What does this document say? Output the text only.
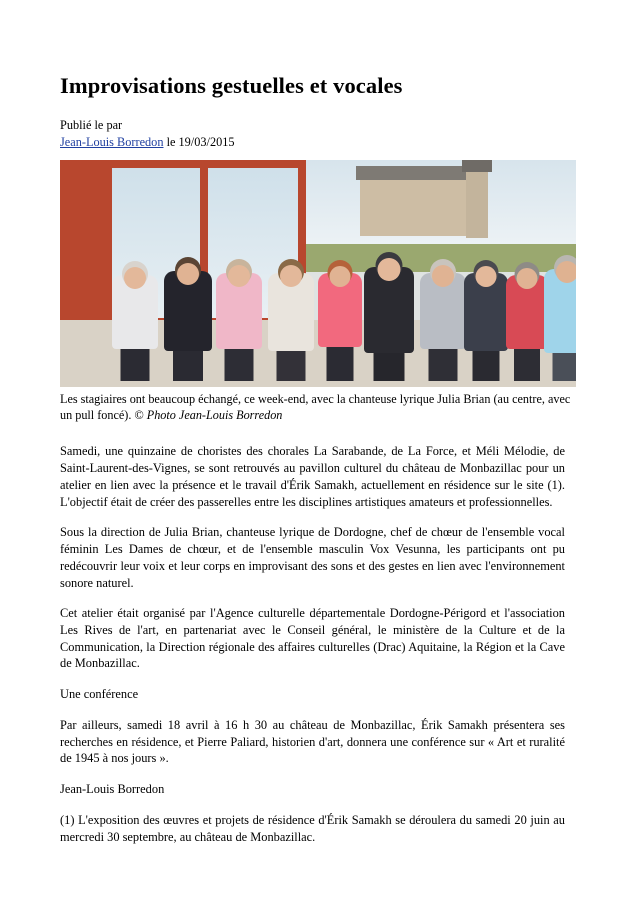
Improvisations gestuelles et vocales
Publié le par
Jean-Louis Borredon le 19/03/2015
Les stagiaires ont beaucoup échangé, ce week-end, avec la chanteuse lyrique Julia Brian (au centre, avec un pull foncé). © Photo Jean-Louis Borredon

Samedi, une quinzaine de choristes des chorales La Sarabande, de La Force, et Méli Mélodie, de Saint-Laurent-des-Vignes, se sont retrouvés au pavillon culturel du château de Monbazillac pour un atelier en lien avec la présence et le travail d'Érik Samakh, actuellement en résidence sur le site (1). L'objectif était de créer des passerelles entre les disciplines artistiques amateurs et professionnelles.

Sous la direction de Julia Brian, chanteuse lyrique de Dordogne, chef de chœur de l'ensemble vocal féminin Les Dames de chœur, et de l'ensemble masculin Vox Vesunna, les participants ont pu redécouvrir leur voix et leur corps en improvisant des sons et des gestes en lien avec l'environnement sonore naturel.

Cet atelier était organisé par l'Agence culturelle départementale Dordogne-Périgord et l'association Les Rives de l'art, en partenariat avec le Conseil général, le ministère de la Culture et de la Communication, la Direction régionale des affaires culturelles (Drac) Aquitaine, la Région et la Cave de Monbazillac.

Une conférence

Par ailleurs, samedi 18 avril à 16 h 30 au château de Monbazillac, Érik Samakh présentera ses recherches en résidence, et Pierre Paliard, historien d'art, donnera une conférence sur « Art et ruralité de 1945 à nos jours ».

Jean-Louis Borredon

(1) L'exposition des œuvres et projets de résidence d'Érik Samakh se déroulera du samedi 20 juin au mercredi 30 septembre, au château de Monbazillac.
